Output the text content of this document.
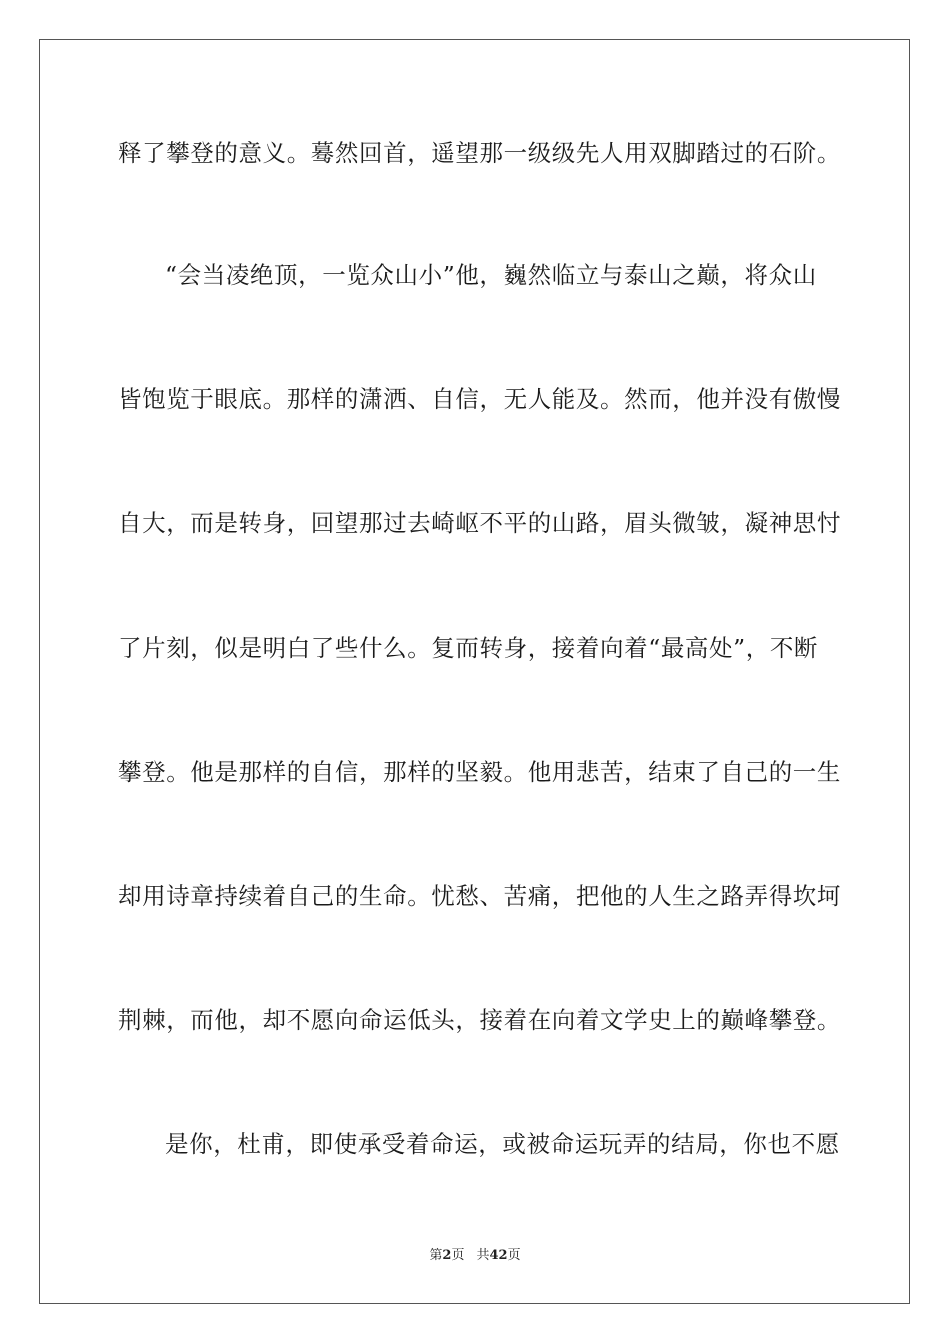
释了攀登的意义。蓦然回首，遥望那一级级先人用双脚踏过的石阶。
“会当凌绝顶，一览众山小”他，巍然临立与泰山之巅，将众山
皆饱览于眼底。那样的潇洒、自信，无人能及。然而，他并没有傲慢
自大，而是转身，回望那过去崎岖不平的山路，眉头微皱，凝神思忖
了片刻，似是明白了些什么。复而转身，接着向着“最高处”，不断
攀登。他是那样的自信，那样的坚毅。他用悲苦，结束了自己的一生
却用诗章持续着自己的生命。忧愁、苦痛，把他的人生之路弄得坎坷
荆棘，而他，却不愿向命运低头，接着在向着文学史上的巅峰攀登。
是你，杜甫，即使承受着命运，或被命运玩弄的结局，你也不愿
第2页 共42页
